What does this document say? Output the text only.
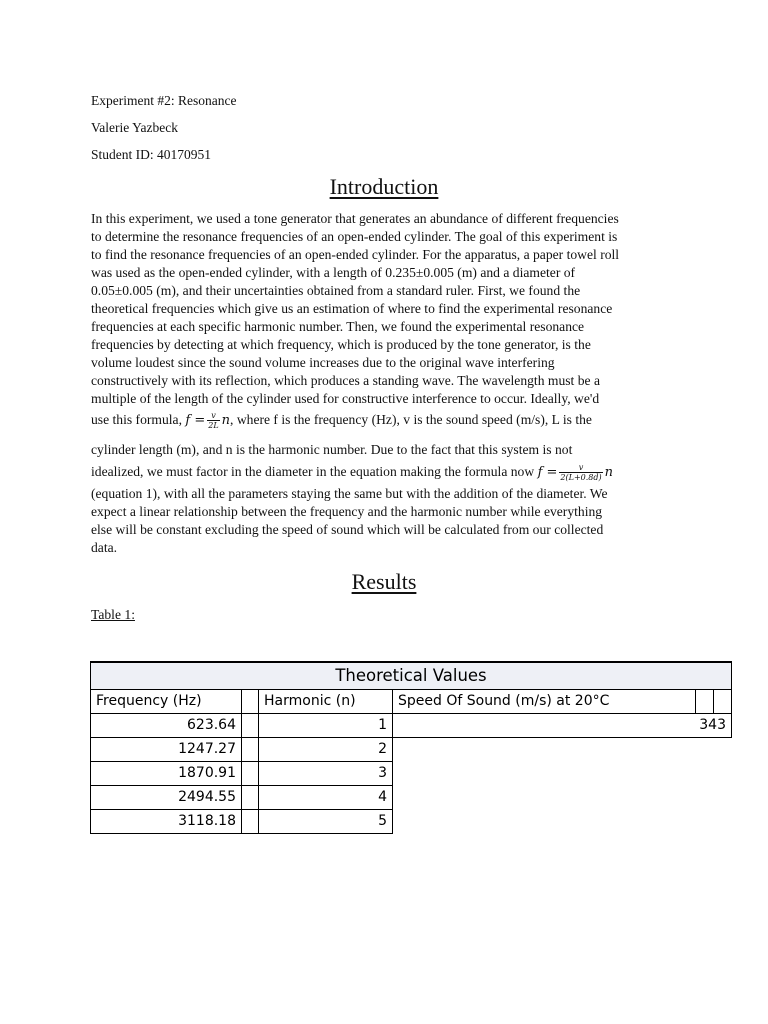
Experiment #2: Resonance
Valerie Yazbeck
Student ID: 40170951
Introduction
In this experiment, we used a tone generator that generates an abundance of different frequencies
to determine the resonance frequencies of an open-ended cylinder. The goal of this experiment is
to find the resonance frequencies of an open-ended cylinder. For the apparatus, a paper towel roll
was used as the open-ended cylinder, with a length of 0.235±0.005 (m) and a diameter of
0.05±0.005 (m), and their uncertainties obtained from a standard ruler. First, we found the
theoretical frequencies which give us an estimation of where to find the experimental resonance
frequencies at each specific harmonic number. Then, we found the experimental resonance
frequencies by detecting at which frequency, which is produced by the tone generator, is the
volume loudest since the sound volume increases due to the original wave interfering
constructively with its reflection, which produces a standing wave. The wavelength must be a
multiple of the length of the cylinder used for constructive interference to occur. Ideally, we'd
use this formula, $f = \frac{v}{2L} n$, where f is the frequency (Hz), v is the sound speed (m/s), L is the
cylinder length (m), and n is the harmonic number. Due to the fact that this system is not
idealized, we must factor in the diameter in the equation making the formula now $f = \frac{v}{2(L+0.8d)}$ n
(equation 1), with all the parameters staying the same but with the addition of the diameter. We
expect a linear relationship between the frequency and the harmonic number while everything
else will be constant excluding the speed of sound which will be calculated from our collected
data.
Results
Table 1:
Theoretical Values					
Frequency (Hz)		Harmonic (n)	Speed Of Sound (m/s) at 20°C		
623.64		1	343		
1247.27		2			
1870.91		3			
2494.55		4			
3118.18		5			
